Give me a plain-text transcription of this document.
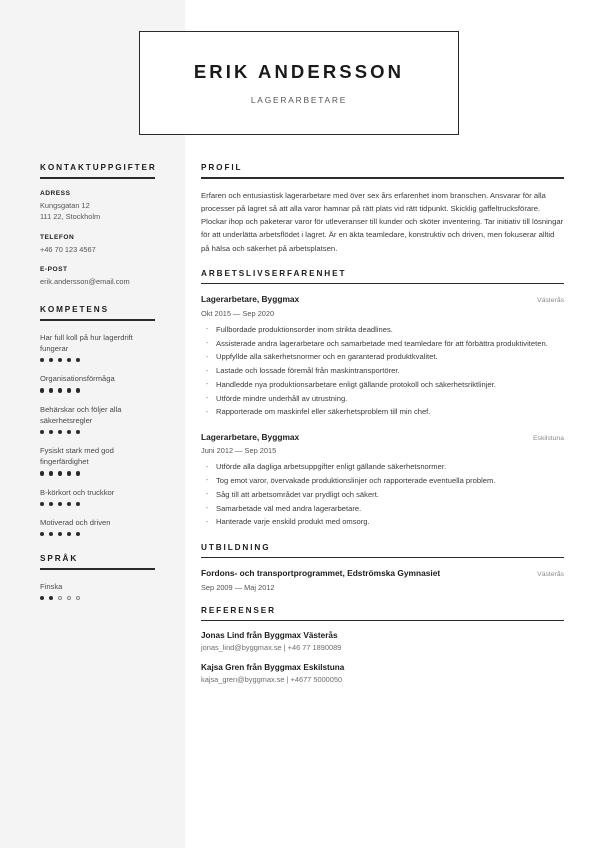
KONTAKTUPPGIFTER
ADRESS
Kungsgatan 12
111 22, Stockholm
TELEFON
+46 70 123 4567
E-POST
erik.andersson@email.com
KOMPETENS
Har full koll på hur lagerdrift fungerar
Organisationsförmåga
Behärskar och följer alla säkerhetsregler
Fysiskt stark med god fingerfärdighet
B-körkort och truckkor
Motiverad och driven
SPRÅK
Finska
ERIK ANDERSSON
LAGERARBETARE
PROFIL

Erfaren och entusiastisk lagerarbetare med över sex års erfarenhet inom branschen. Ansvarar för alla processer på lagret så att alla varor hamnar på rätt plats vid rätt tidpunkt. Skicklig gaffeltrucksförare. Plockar ihop och paketerar varor för utleveranser till kunder och sköter inventering. Tar initiativ till lösningar för att underlätta arbetsflödet i lagret. Är en äkta teamledare, konstruktiv och driven, men fokuserar alltid på hälsa och säkerhet på arbetsplatsen.

ARBETSLIVSERFARENHET
Lagerarbetare, Byggmax	Västerås
Okt 2015 — Sep 2020
- Fullbordade produktionsorder inom strikta deadlines.
- Assisterade andra lagerarbetare och samarbetade med teamledare för att förbättra produktiviteten.
- Uppfyllde alla säkerhetsnormer och en garanterad produktkvalitet.
- Lastade och lossade föremål från maskintransportörer.
- Handledde nya produktionsarbetare enligt gällande protokoll och säkerhetsriktlinjer.
- Utförde mindre underhåll av utrustning.
- Rapporterade om maskinfel eller säkerhetsproblem till min chef.
Lagerarbetare, Byggmax	Eskilstuna
Juni 2012 — Sep 2015
- Utförde alla dagliga arbetsuppgifter enligt gällande säkerhetsnormer.
- Tog emot varor, övervakade produktionslinjer och rapporterade eventuella problem.
- Såg till att arbetsområdet var prydligt och säkert.
- Samarbetade väl med andra lagerarbetare.
- Hanterade varje enskild produkt med omsorg.
UTBILDNING
Fordons- och transportprogrammet, Edströmska Gymnasiet	Västerås
Sep 2009 — Maj 2012
REFERENSER
Jonas Lind från Byggmax Västerås
jonas_lind@byggmax.se | +46 77 1890089
Kajsa Gren från Byggmax Eskilstuna
kajsa_gren@byggmax.se | +4677 5000050
